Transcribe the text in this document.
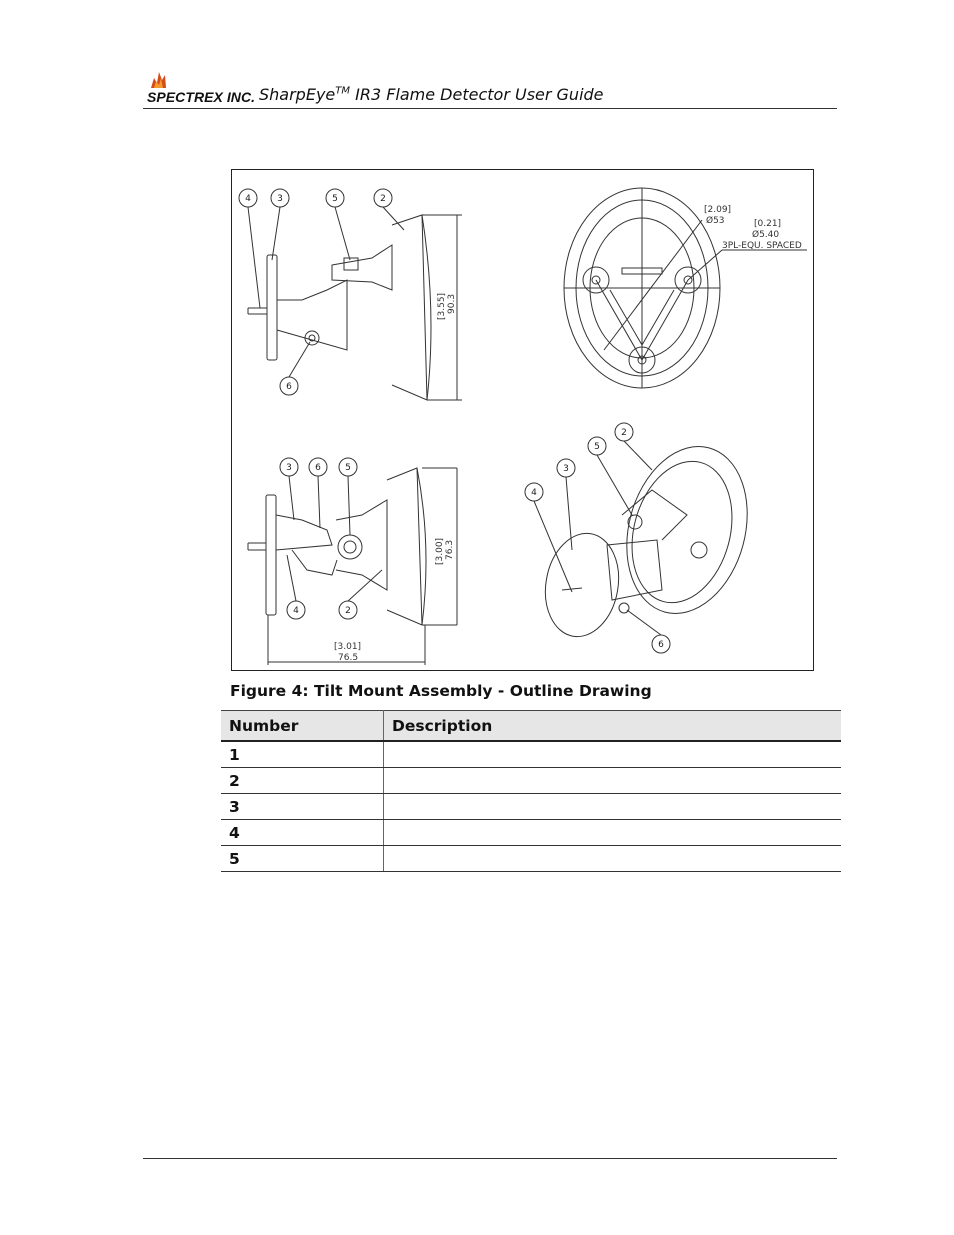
SPECTREX INC. SharpEye™ IR3 Flame Detector User Guide
[3.55] 90.3
4	3	5	2
6
[2.09]
Ø53	[0.21]
Ø5.40
3PL-EQU. SPACED
[3.00] 76.3
[3.01]
76.5
3	6	5
4	2
4
3
5
2
6
Figure 4: Tilt Mount Assembly - Outline Drawing
Number	Description
1	
2	
3	
4	
5	
